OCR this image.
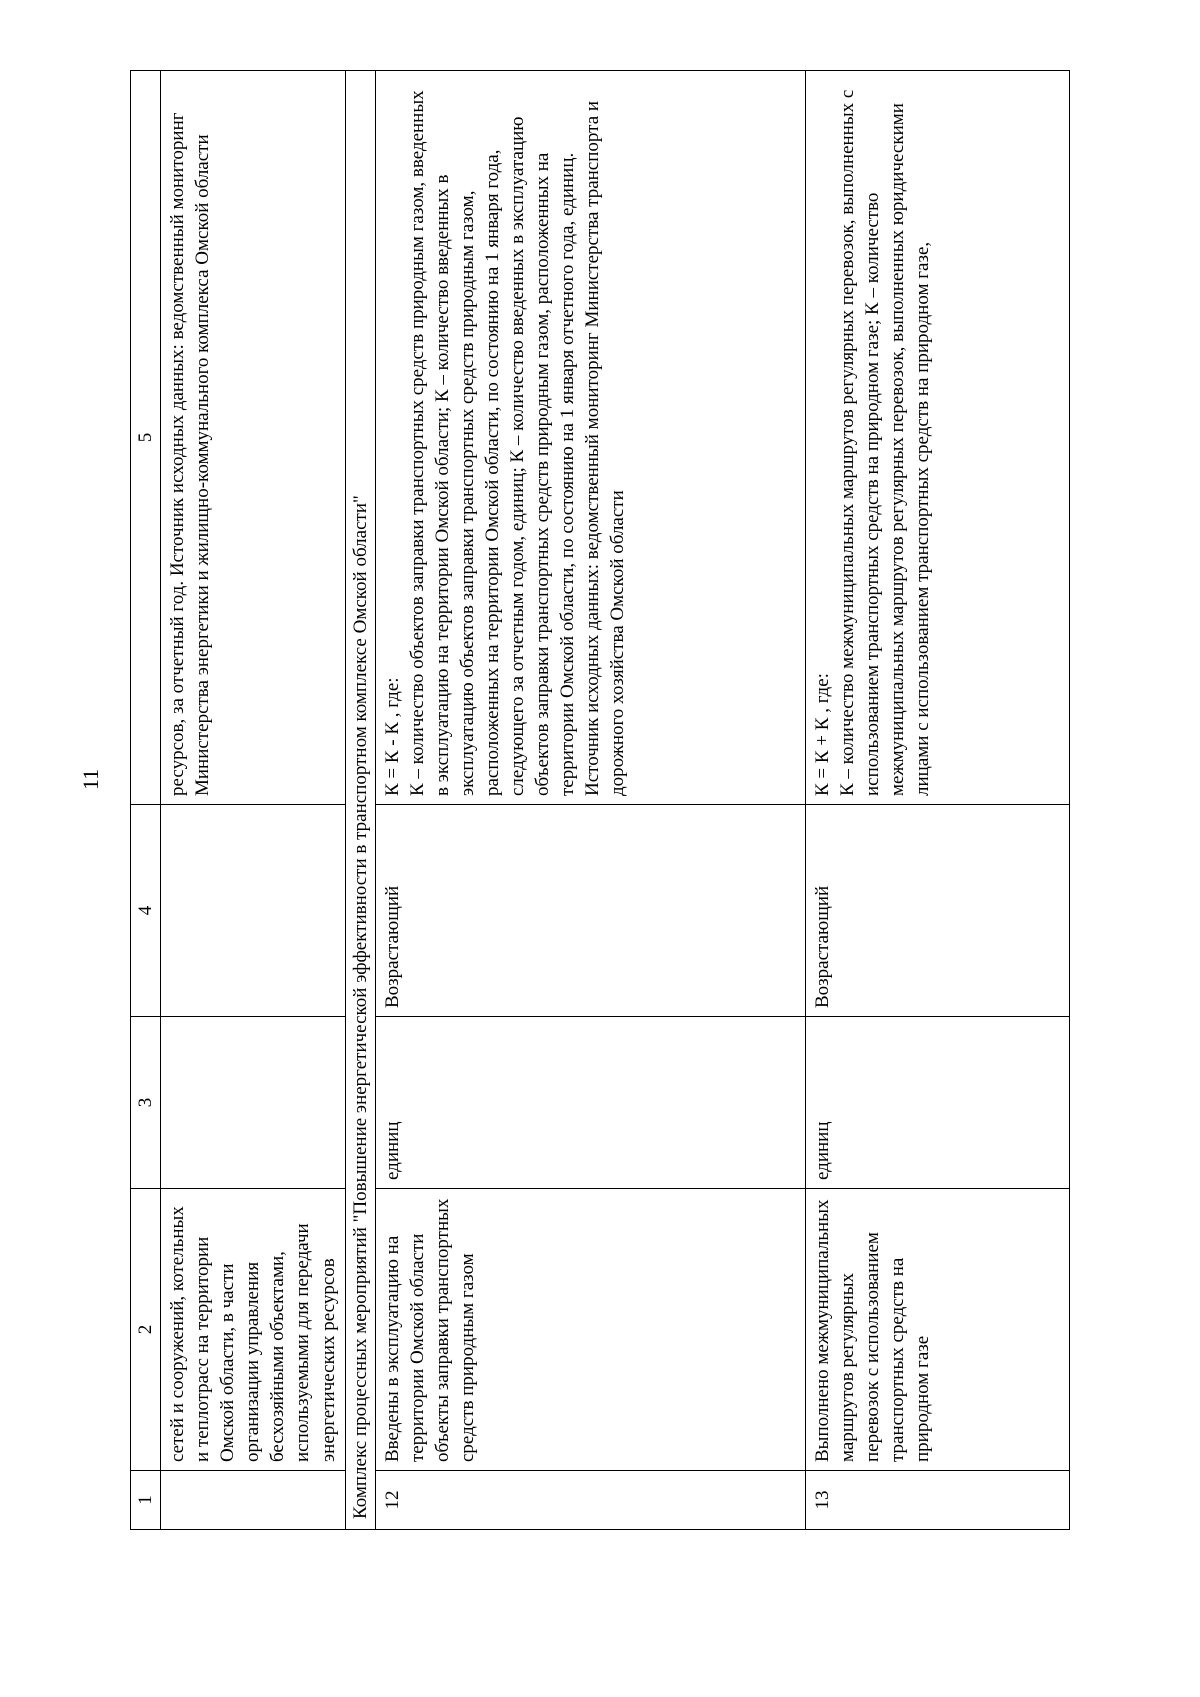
11
1	2	3	4	5
	сетей и сооружений, котельных и теплотрасс на территории Омской области, в части организации управления бесхозяйными объектами, используемыми для передачи энергетических ресурсов			ресурсов, за отчетный год. Источник исходных данных: ведомственный мониторинг Министерства энергетики и жилищно-коммунального комплекса Омской области
Комплекс процессных мероприятий "Повышение энергетической эффективности в транспортном комплексе Омской области"				
12	Введены в эксплуатацию на территории Омской области объекты заправки транспортных средств природным газом	единиц	Возрастающий	К = К - К , где: К – количество объектов заправки транспортных средств природным газом, введенных в эксплуатацию на территории Омской области; К – количество введенных в эксплуатацию объектов заправки транспортных средств природным газом, расположенных на территории Омской области, по состоянию на 1 января года, следующего за отчетным годом, единиц; К – количество введенных в эксплуатацию объектов заправки транспортных средств природным газом, расположенных на территории Омской области, по состоянию на 1 января отчетного года, единиц. Источник исходных данных: ведомственный мониторинг Министерства транспорта и дорожного хозяйства Омской области

13	Выполнено межмуниципальных маршрутов регулярных перевозок с использованием транспортных средств на природном газе	единиц	Возрастающий	К = К + К , где: К – количество межмуниципальных маршрутов регулярных перевозок, выполненных с использованием транспортных средств на природном газе; К – количество межмуниципальных маршрутов регулярных перевозок, выполненных юридическими лицами с использованием транспортных средств на природном газе,
